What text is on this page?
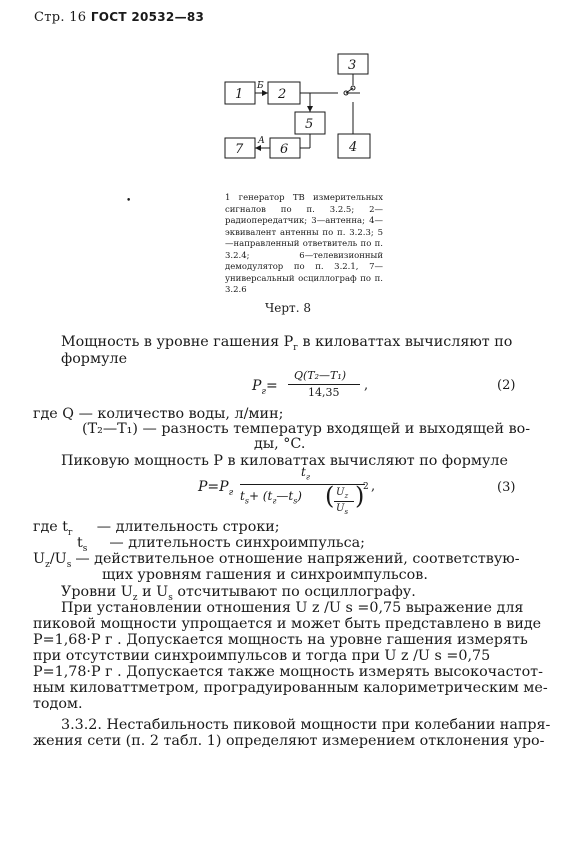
Стр. 16 ГОСТ 20532—83
1	2
3
4
5
6
7
Б
А
•	1 генератор ТВ измерительных сигналов по п. 3.2.5; 2—радиопередатчик; 3—антенна; 4—эквивалент антенны по п. 3.2.3; 5—направленный ответвитель по п. 3.2.4; 6—телевизионный демодулятор по п. 3.2.1, 7—универсальный осциллограф по п. 3.2.6
Черт. 8
Мощность в уровне гашения $P_г$ в киловаттах вычисляют по
формуле
$P_г=$
Q(T₂—T₁)
14,35 ,	(2)
где Q — количество воды, л/мин;
(T₂—T₁) — разность температур входящей и выходящей во-
ды, °C.
Пиковую мощность P в киловаттах вычисляют по формуле
$P=P_г$
$t_г$
$t_s+$ $(t_г—t_s)$ ( $U_z$
$U_s$
)
2 ,	(3)
где $t_г$ — длительность строки;
$t_s$ — длительность синхроимпульса;
$U_z/U_s$ — действительное отношение напряжений, соответствую-
щих уровням гашения и синхроимпульсов.
Уровни $U_z$ и $U_s$ отсчитывают по осциллографу.
При установлении отношения U z /U s =0,75 выражение для
пиковой мощности упрощается и может быть представлено в виде
P=1,68·P г . Допускается мощность на уровне гашения измерять
при отсутствии синхроимпульсов и тогда при U z /U s =0,75
P=1,78·P г . Допускается также мощность измерять высокочастот-
ным киловаттметром, проградуированным калориметрическим ме-
тодом.
3.3.2. Нестабильность пиковой мощности при колебании напря-
жения сети (п. 2 табл. 1) определяют измерением отклонения уро-
